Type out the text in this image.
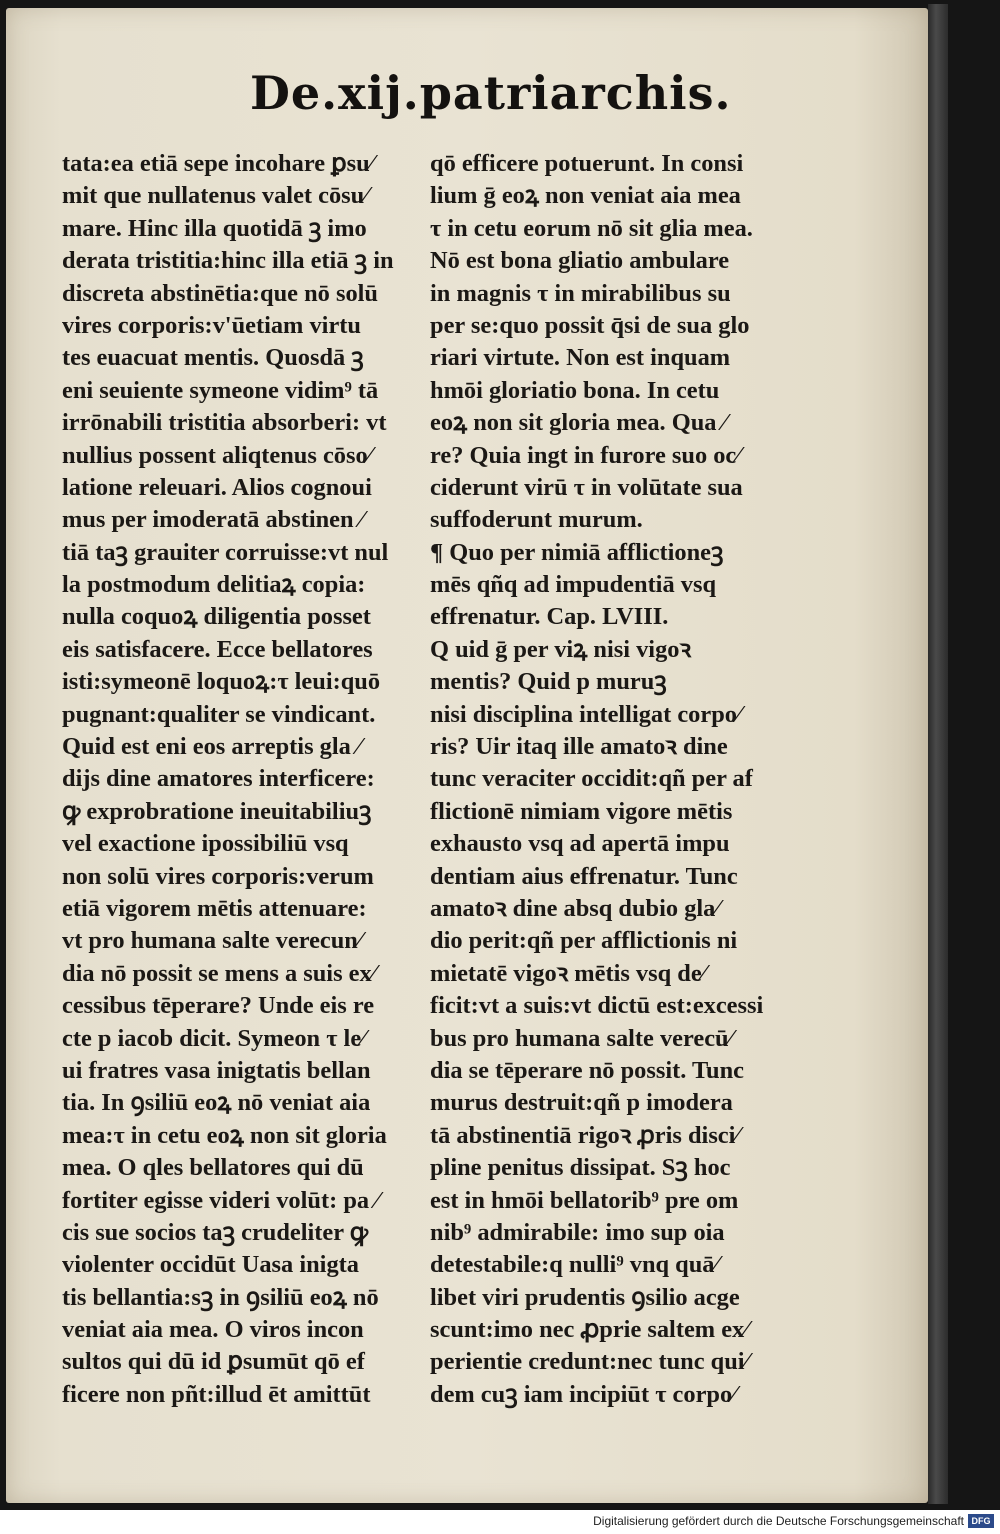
De.xij.patriarchis.
tata:ea etiā sepe incohare ꝑsu⁄
mit que nullatenus valet cōsu⁄
mare. Hinc illa quotidā ꝫ imo
derata tristitia:hinc illa etiā ꝫ in
discreta abstinētia:que nō solū
vires corporis:v'ūetiam virtu
tes euacuat mentis. Quosdā ꝫ
eni seuiente symeone vidim⁹ tā
irrōnabili tristitia absorberi: vt
nullius possent aliqtenus cōso⁄
latione releuari. Alios cognoui
mus per imoderatā abstinen ⁄
tiā taꝫ grauiter corruisse:vt nul
la postmodum delitiaꝝ copia:
nulla coquoꝝ diligentia posset
eis satisfacere. Ecce bellatores
isti:symeonē loquoꝝ:τ leui:quō
pugnant:qualiter se vindicant.
Quid est eni eos arreptis gla ⁄
dijs dine amatores interficere:
ꝙ exprobratione ineuitabiliuꝫ
vel exactione ipossibiliū vsq
non solū vires corporis:verum
etiā vigorem mētis attenuare:
vt pro humana salte verecun⁄
dia nō possit se mens a suis ex⁄
cessibus tēperare? Unde eis re
cte p iacob dicit. Symeon τ le⁄
ui fratres vasa inigtatis bellan
tia. In ꝯsiliū eoꝝ nō veniat aia
mea:τ in cetu eoꝝ non sit gloria
mea. O qles bellatores qui dū
fortiter egisse videri volūt: pa ⁄
cis sue socios taꝫ crudeliter ꝙ
violenter occidūt Uasa inigta
tis bellantia:sꝫ in ꝯsiliū eoꝝ nō
veniat aia mea. O viros incon
sultos qui dū id ꝑsumūt qō ef
ficere non pñt:illud ēt amittūt
qō efficere potuerunt. In consi
lium ḡ eoꝝ non veniat aia mea
τ in cetu eorum nō sit glia mea.
Nō est bona gliatio ambulare
in magnis τ in mirabilibus su
per se:quo possit q̄si de sua glo
riari virtute. Non est inquam
hmōi gloriatio bona. In cetu
eoꝝ non sit gloria mea. Qua ⁄
re? Quia ingt in furore suo oc⁄
ciderunt virū τ in volūtate sua
suffoderunt murum.
¶ Quo per nimiā afflictioneꝫ
mēs qñq ad impudentiā vsq
effrenatur. Cap. LVIII.
Q uid ḡ per viꝝ nisi vigoꝛ
mentis? Quid p muruꝫ
nisi disciplina intelligat corpo⁄
ris? Uir itaq ille amatoꝛ dine
tunc veraciter occidit:qñ per af
flictionē nimiam vigore mētis
exhausto vsq ad apertā impu
dentiam aius effrenatur. Tunc
amatoꝛ dine absq dubio gla⁄
dio perit:qñ per afflictionis ni
mietatē vigoꝛ mētis vsq de⁄
ficit:vt a suis:vt dictū est:excessi
bus pro humana salte verecū⁄
dia se tēperare nō possit. Tunc
murus destruit:qñ p imodera
tā abstinentiā rigoꝛ ꝓris disci⁄
pline penitus dissipat. Sꝫ hoc
est in hmōi bellatorib⁹ pre om
nib⁹ admirabile: imo sup oia
detestabile:q nulli⁹ vnq quā⁄
libet viri prudentis ꝯsilio acge
scunt:imo nec ꝓprie saltem ex⁄
perientie credunt:nec tunc qui⁄
dem cuꝫ iam incipiūt τ corpo⁄
Digitalisierung gefördert durch die Deutsche Forschungsgemeinschaft DFG
